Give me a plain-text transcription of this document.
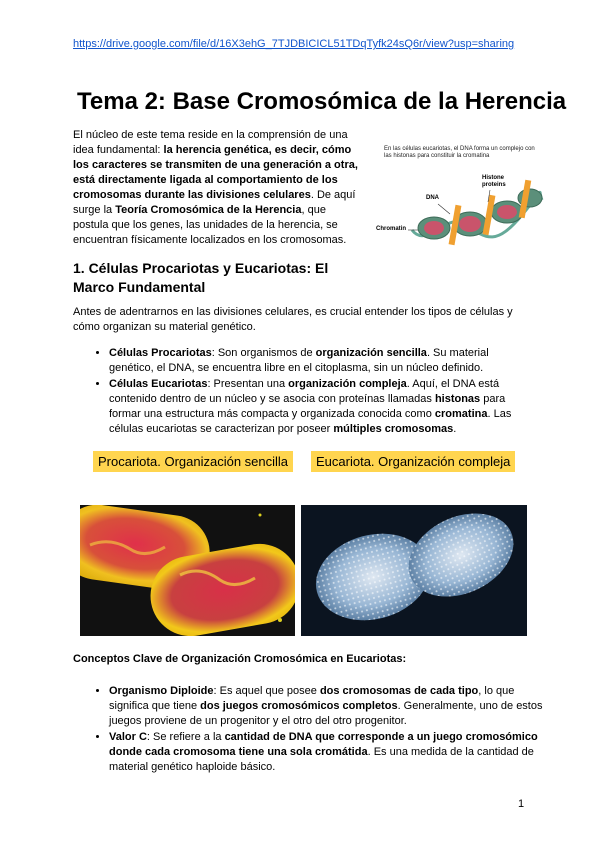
https://drive.google.com/file/d/16X3ehG_7TJDBICICL51TDqTyfk24sQ6r/view?usp=sharing
Tema 2: Base Cromosómica de la Herencia

El núcleo de este tema reside en la comprensión de una idea fundamental: la herencia genética, es decir, cómo los caracteres se transmiten de una generación a otra, está directamente ligada al comportamiento de los cromosomas durante las divisiones celulares. De aquí surge la Teoría Cromosómica de la Herencia, que postula que los genes, las unidades de la herencia, se encuentran físicamente localizados en los cromosomas.

En las células eucariotas, el DNA forma un complejo con las histonas para constituir la cromatina
DNA
Histone proteins
Chromatin
1. Células Procariotas y Eucariotas: El Marco Fundamental

Antes de adentrarnos en las divisiones celulares, es crucial entender los tipos de células y cómo organizan su material genético.

• Células Procariotas: Son organismos de organización sencilla. Su material genético, el DNA, se encuentra libre en el citoplasma, sin un núcleo definido.
• Células Eucariotas: Presentan una organización compleja. Aquí, el DNA está contenido dentro de un núcleo y se asocia con proteínas llamadas histonas para formar una estructura más compacta y organizada conocida como cromatina. Las células eucariotas se caracterizan por poseer múltiples cromosomas.
Procariota. Organización sencilla	Eucariota. Organización compleja

Conceptos Clave de Organización Cromosómica en Eucariotas:

• Organismo Diploide: Es aquel que posee dos cromosomas de cada tipo, lo que significa que tiene dos juegos cromosómicos completos. Generalmente, uno de estos juegos proviene de un progenitor y el otro del otro progenitor.
• Valor C: Se refiere a la cantidad de DNA que corresponde a un juego cromosómico donde cada cromosoma tiene una sola cromátida. Es una medida de la cantidad de material genético haploide básico.
1
